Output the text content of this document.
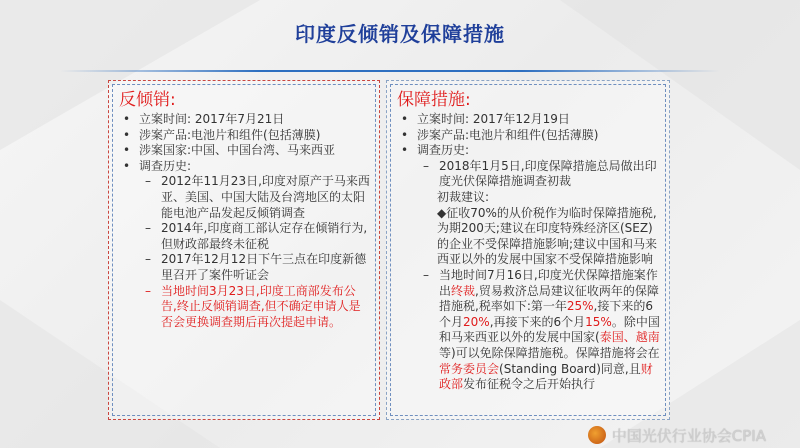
印度反倾销及保障措施
反倾销:
• 立案时间: 2017年7月21日
• 涉案产品:电池片和组件(包括薄膜)
• 涉案国家:中国、中国台湾、马来西亚
• 调查历史:
– 2012年11月23日,印度对原产于马来西亚、美国、中国大陆及台湾地区的太阳能电池产品发起反倾销调查
– 2014年,印度商工部认定存在倾销行为,但财政部最终未征税
– 2017年12月12日下午三点在印度新德里召开了案件听证会
– 当地时间3月23日,印度工商部发布公告,终止反倾销调查,但不确定申请人是否会更换调查期后再次提起申请。
保障措施:
• 立案时间: 2017年12月19日
• 涉案产品:电池片和组件(包括薄膜)
• 调查历史:
– 2018年1月5日,印度保障措施总局做出印度光伏保障措施调查初裁
初裁建议:
◆征收70%的从价税作为临时保障措施税,为期200天;建议在印度特殊经济区(SEZ)的企业不受保障措施影响;建议中国和马来西亚以外的发展中国家不受保障措施影响
– 当地时间7月16日,印度光伏保障措施案作出终裁,贸易救济总局建议征收两年的保障措施税,税率如下:第一年25%,接下来的6个月20%,再接下来的6个月15%。除中国和马来西亚以外的发展中国家(泰国、越南等)可以免除保障措施税。保障措施将会在常务委员会(Standing Board)同意,且财政部发布征税令之后开始执行
中国光伏行业协会CPIA
